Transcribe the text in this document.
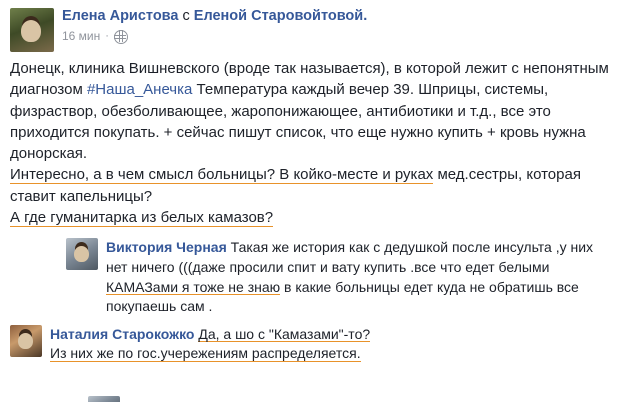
Елена Аристова с Еленой Старовойтовой.
16 мин ·

Донецк, клиника Вишневского (вроде так называется), в которой лежит с непонятным диагнозом #Наша_Анечка Температура каждый вечер 39. Шприцы, системы, физраствор, обезболивающее, жаропонижающее, антибиотики и т.д., все это приходится покупать. + сейчас пишут список, что еще нужно купить + кровь нужна донорская.

Интересно, а в чем смысл больницы? В койко-месте и руках мед.сестры, которая ставит капельницы?

А где гуманитарка из белых камазов?

Виктория Черная Такая же история как с дедушкой после инсульта ,у них нет ничего (((даже просили спит и вату купить .все что едет белыми КАМАЗами я тоже не знаю в какие больницы едет куда не обратишь все покупаешь сам .
Наталия Старокожко Да, а шо с "Камазами"-то?
Из них же по гос.учережениям распределяется.
